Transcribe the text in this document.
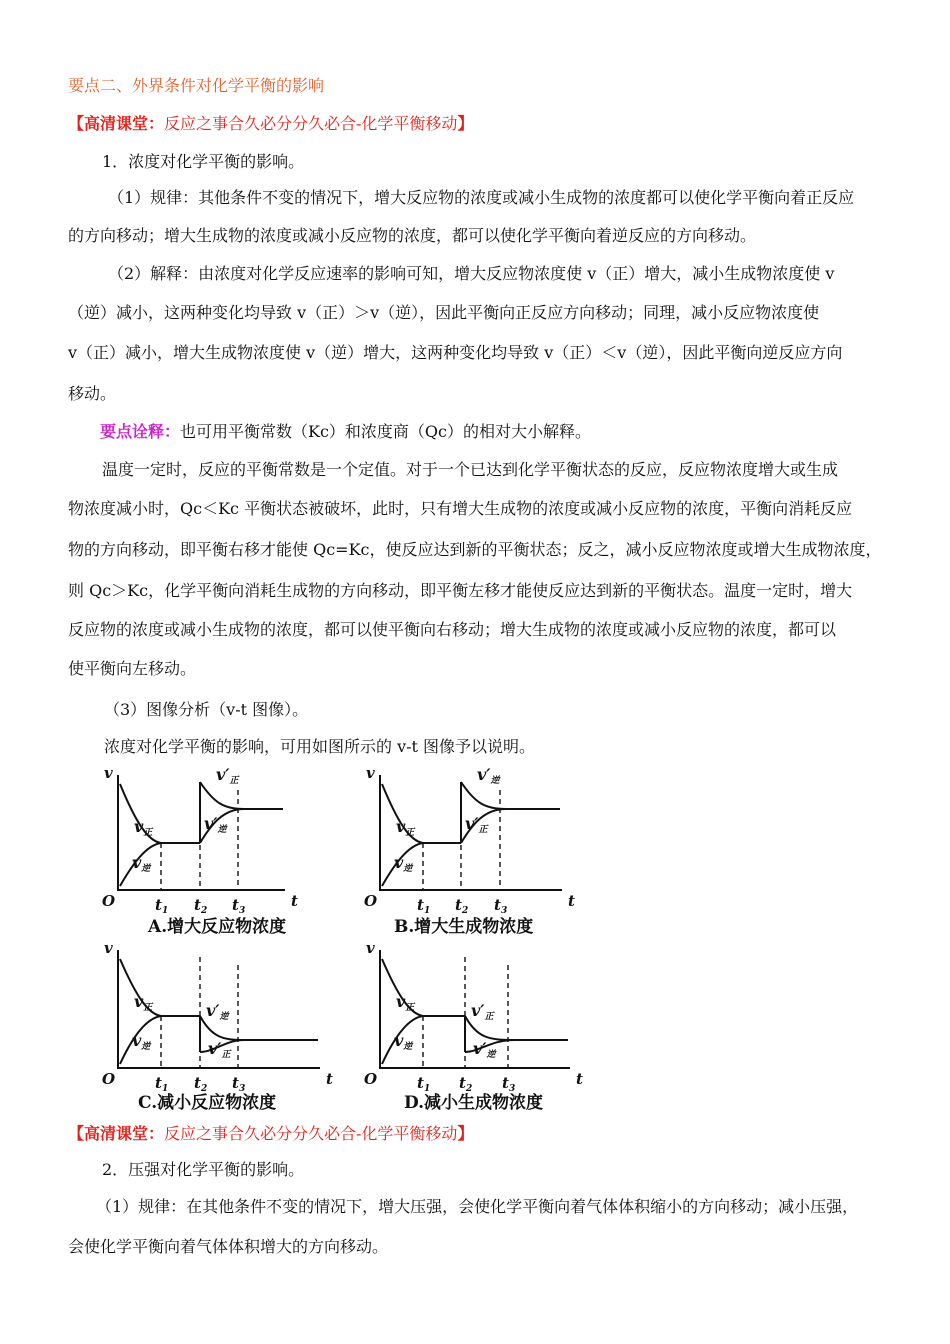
要点二、外界条件对化学平衡的影响
【高清课堂：反应之事合久必分分久必合-化学平衡移动】
1．浓度对化学平衡的影响。
（1）规律：其他条件不变的情况下，增大反应物的浓度或减小生成物的浓度都可以使化学平衡向着正反应
的方向移动；增大生成物的浓度或减小反应物的浓度，都可以使化学平衡向着逆反应的方向移动。
（2）解释：由浓度对化学反应速率的影响可知，增大反应物浓度使 v（正）增大，减小生成物浓度使 v
（逆）减小，这两种变化均导致 v（正）＞v（逆），因此平衡向正反应方向移动；同理，减小反应物浓度使
v（正）减小，增大生成物浓度使 v（逆）增大，这两种变化均导致 v（正）＜v（逆），因此平衡向逆反应方向
移动。
要点诠释：也可用平衡常数（Kc）和浓度商（Qc）的相对大小解释。
温度一定时，反应的平衡常数是一个定值。对于一个已达到化学平衡状态的反应，反应物浓度增大或生成
物浓度减小时，Qc＜Kc 平衡状态被破坏，此时，只有增大生成物的浓度或减小反应物的浓度，平衡向消耗反应
物的方向移动，即平衡右移才能使 Qc=Kc，使反应达到新的平衡状态；反之，减小反应物浓度或增大生成物浓度，
则 Qc＞Kc，化学平衡向消耗生成物的方向移动，即平衡左移才能使反应达到新的平衡状态。温度一定时，增大
反应物的浓度或减小生成物的浓度，都可以使平衡向右移动；增大生成物的浓度或减小反应物的浓度，都可以
使平衡向左移动。
（3）图像分析（v-t 图像）。
浓度对化学平衡的影响，可用如图所示的 v-t 图像予以说明。
v
t
O	$t_1$ $t_2$ $t_3$
v′正
v′逆
v正
v逆
A.增大反应物浓度
v
t
O	$t_1$ $t_2$ $t_3$
v′逆
v′正
v正
v逆
B.增大生成物浓度
v
t
O	$t_1$ $t_2$ $t_3$
v′逆
v′正
v正
v逆
C.减小反应物浓度
v
t
O	$t_1$ $t_2$ $t_3$
v′正
v′逆
v正
v逆
D.减小生成物浓度
【高清课堂：反应之事合久必分分久必合-化学平衡移动】
2．压强对化学平衡的影响。
（1）规律：在其他条件不变的情况下，增大压强，会使化学平衡向着气体体积缩小的方向移动；减小压强，
会使化学平衡向着气体体积增大的方向移动。
